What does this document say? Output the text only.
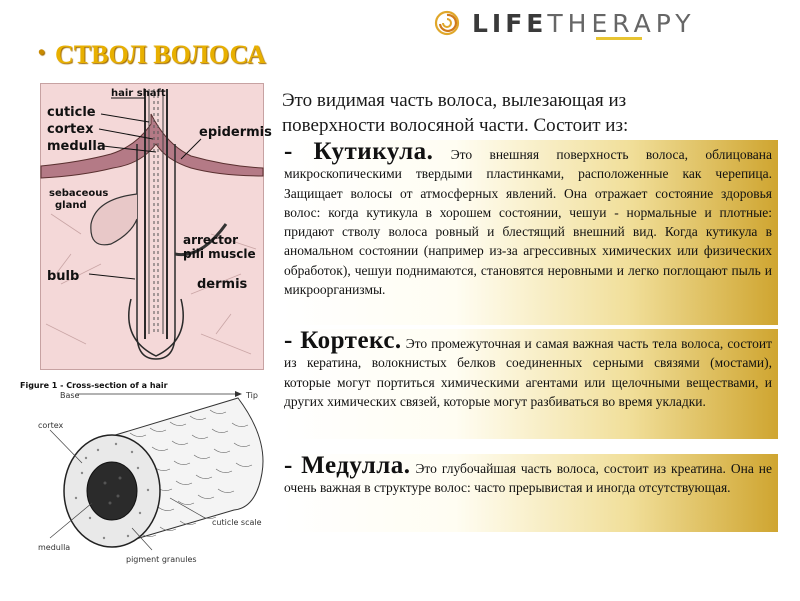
LIFETHERAPY
• СТВОЛ ВОЛОСА
Это видимая часть волоса, вылезающая из поверхности волосяной части. Состоит из:
- Кутикула. Это внешняя поверхность волоса, облицована микроскопическими твердыми пластинками, расположенные как черепица. Защищает волосы от атмосферных явлений. Она отражает состояние здоровья волос: когда кутикула в хорошем состоянии, чешуи - нормальные и плотные: придают стволу волоса ровный и блестящий внешний вид. Когда кутикула в аномальном состоянии (например из-за агрессивных химических или физических обработок), чешуи поднимаются, становятся неровными и легко поглощают пыль и микроорганизмы.
- Кортекс. Это промежуточная и самая важная часть тела волоса, состоит из кератина, волокнистых белков соединенных серными связями (мостами), которые могут портиться химическими агентами или щелочными веществами, и других химических связей, которые могут разбиваться во время укладки.
- Медулла. Это глубочайшая часть волоса, состоит из креатина. Она не очень важная в структуре волос: часто прерывистая и иногда отсутствующая.
hair shaft
cuticle
cortex
medulla
epidermis
sebaceous
gland
arrector
pili muscle
bulb
dermis
Figure 1 - Cross-section of a hair
Base	Tip
cortex
cuticle scale
medulla
pigment granules
